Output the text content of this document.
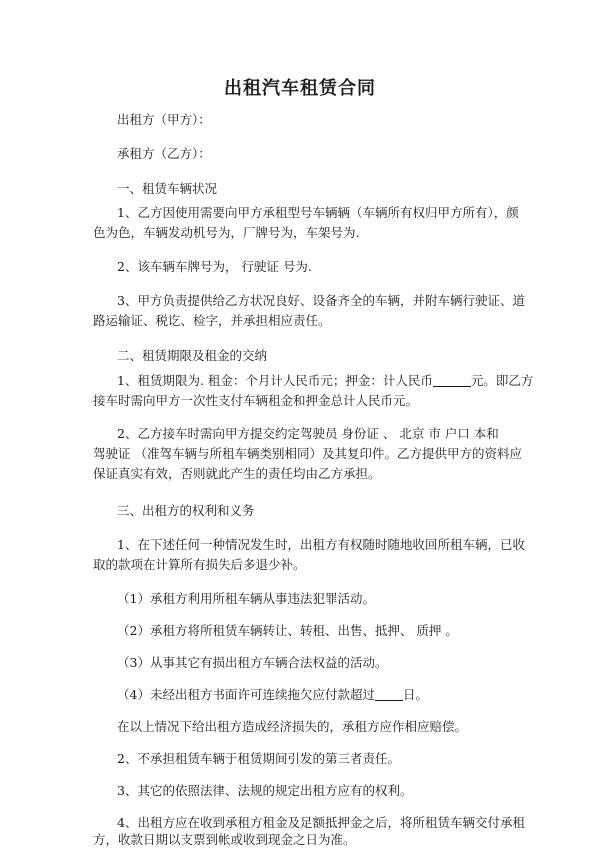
出租汽车租赁合同

出租方（甲方）：

承租方（乙方）：

一、租赁车辆状况

1、乙方因使用需要向甲方承租型号车辆辆（车辆所有权归甲方所有），颜

色为色，车辆发动机号为，厂牌号为，车架号为.

2、该车辆车牌号为， 行驶证 号为.

3、甲方负责提供给乙方状况良好、设备齐全的车辆，并附车辆行驶证、道

路运输证、税讫、检字，并承担相应责任。

二、租赁期限及租金的交纳

1、租赁期限为. 租金：个月计人民币元；押金：计人民币	元。即乙方

接车时需向甲方一次性支付车辆租金和押金总计人民币元。

2、乙方接车时需向甲方提交约定驾驶员 身份证 、 北京 市 户口 本和

驾驶证 （准驾车辆与所租车辆类别相同）及其复印件。乙方提供甲方的资料应

保证真实有效，否则就此产生的责任均由乙方承担。

三、出租方的权利和义务

1、在下述任何一种情况发生时，出租方有权随时随地收回所租车辆，已收

取的款项在计算所有损失后多退少补。

（1）承租方利用所租车辆从事违法犯罪活动。

（2）承租方将所租赁车辆转让、转租、出售、抵押、 质押 。

（3）从事其它有损出租方车辆合法权益的活动。

（4）未经出租方书面许可连续拖欠应付款超过 日。

在以上情况下给出租方造成经济损失的，承租方应作相应赔偿。

2、不承担租赁车辆于租赁期间引发的第三者责任。

3、其它的依照法律、法规的规定出租方应有的权利。

4、出租方应在收到承租方租金及足额抵押金之后，将所租赁车辆交付承租

方，收款日期以支票到帐或收到现金之日为准。
